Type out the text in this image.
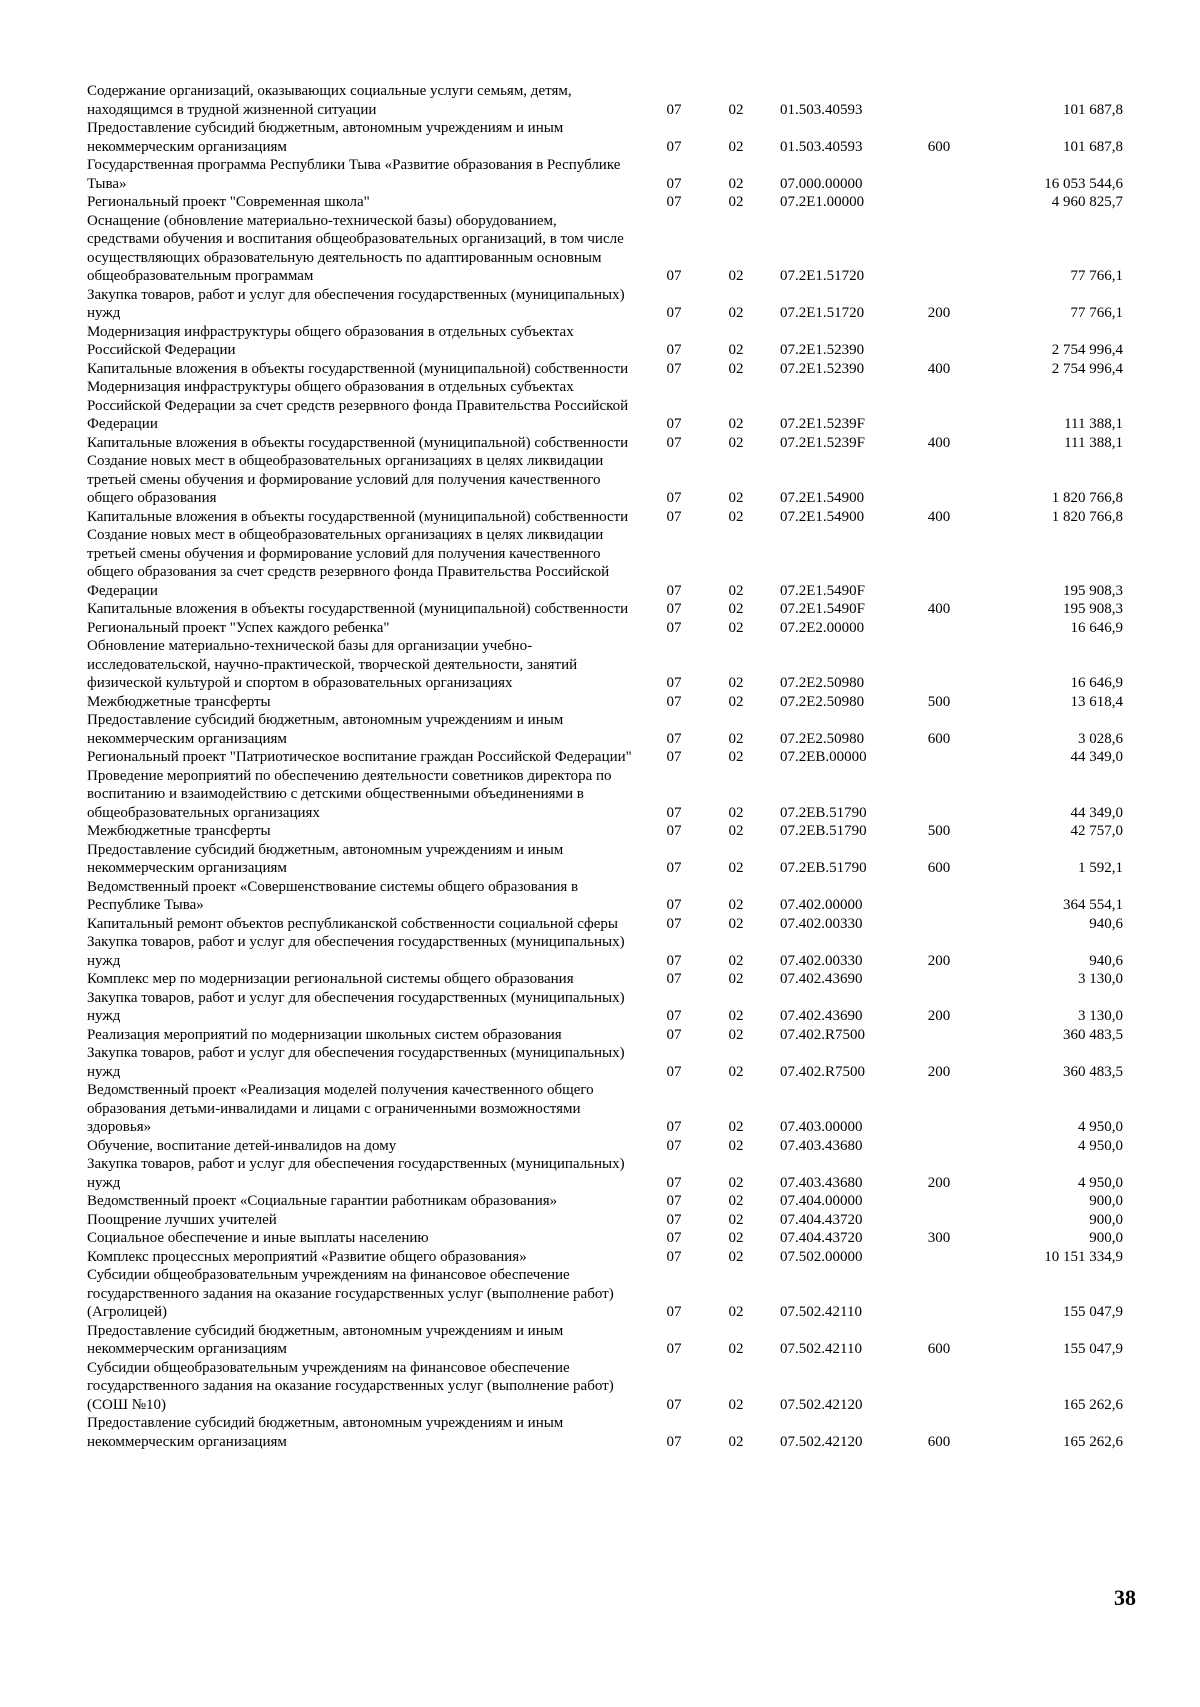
Содержание организаций, оказывающих социальные услуги семьям, детям, находящимся в трудной жизненной ситуации	07	02	01.503.40593		101 687,8
Предоставление субсидий бюджетным, автономным учреждениям и иным некоммерческим организациям	07	02	01.503.40593	600	101 687,8
Государственная программа Республики Тыва «Развитие образования в Республике Тыва»	07	02	07.000.00000		16 053 544,6
Региональный проект "Современная школа"	07	02	07.2E1.00000		4 960 825,7
Оснащение (обновление материально-технической базы) оборудованием, средствами обучения и воспитания общеобразовательных организаций, в том числе осуществляющих образовательную деятельность по адаптированным основным общеобразовательным программам	07	02	07.2E1.51720		77 766,1
Закупка товаров, работ и услуг для обеспечения государственных (муниципальных) нужд	07	02	07.2E1.51720	200	77 766,1
Модернизация инфраструктуры общего образования в отдельных субъектах Российской Федерации	07	02	07.2E1.52390		2 754 996,4
Капитальные вложения в объекты государственной (муниципальной) собственности	07	02	07.2E1.52390	400	2 754 996,4
Модернизация инфраструктуры общего образования в отдельных субъектах Российской Федерации за счет средств резервного фонда Правительства Российской Федерации	07	02	07.2E1.5239F		111 388,1
Капитальные вложения в объекты государственной (муниципальной) собственности	07	02	07.2E1.5239F	400	111 388,1
Создание новых мест в общеобразовательных организациях в целях ликвидации третьей смены обучения и формирование условий для получения качественного общего образования	07	02	07.2E1.54900		1 820 766,8
Капитальные вложения в объекты государственной (муниципальной) собственности	07	02	07.2E1.54900	400	1 820 766,8
Создание новых мест в общеобразовательных организациях в целях ликвидации третьей смены обучения и формирование условий для получения качественного общего образования за счет средств резервного фонда Правительства Российской Федерации	07	02	07.2E1.5490F		195 908,3
Капитальные вложения в объекты государственной (муниципальной) собственности	07	02	07.2E1.5490F	400	195 908,3
Региональный проект "Успех каждого ребенка"	07	02	07.2E2.00000		16 646,9
Обновление материально-технической базы для организации учебно-исследовательской, научно-практической, творческой деятельности, занятий физической культурой и спортом в образовательных организациях	07	02	07.2E2.50980		16 646,9
Межбюджетные трансферты	07	02	07.2E2.50980	500	13 618,4
Предоставление субсидий бюджетным, автономным учреждениям и иным некоммерческим организациям	07	02	07.2E2.50980	600	3 028,6
Региональный проект "Патриотическое воспитание граждан Российской Федерации"	07	02	07.2EB.00000		44 349,0
Проведение мероприятий по обеспечению деятельности советников директора по воспитанию и взаимодействию с детскими общественными объединениями в общеобразовательных организациях	07	02	07.2EB.51790		44 349,0
Межбюджетные трансферты	07	02	07.2EB.51790	500	42 757,0
Предоставление субсидий бюджетным, автономным учреждениям и иным некоммерческим организациям	07	02	07.2EB.51790	600	1 592,1
Ведомственный проект «Совершенствование системы общего образования в Республике Тыва»	07	02	07.402.00000		364 554,1
Капитальный ремонт объектов республиканской собственности социальной сферы	07	02	07.402.00330		940,6
Закупка товаров, работ и услуг для обеспечения государственных (муниципальных) нужд	07	02	07.402.00330	200	940,6
Комплекс мер по модернизации региональной системы общего образования	07	02	07.402.43690		3 130,0
Закупка товаров, работ и услуг для обеспечения государственных (муниципальных) нужд	07	02	07.402.43690	200	3 130,0
Реализация мероприятий по модернизации школьных систем образования	07	02	07.402.R7500		360 483,5
Закупка товаров, работ и услуг для обеспечения государственных (муниципальных) нужд	07	02	07.402.R7500	200	360 483,5
Ведомственный проект «Реализация моделей получения качественного общего образования детьми-инвалидами и лицами с ограниченными возможностями здоровья»	07	02	07.403.00000		4 950,0
Обучение, воспитание детей-инвалидов на дому	07	02	07.403.43680		4 950,0
Закупка товаров, работ и услуг для обеспечения государственных (муниципальных) нужд	07	02	07.403.43680	200	4 950,0
Ведомственный проект «Социальные гарантии работникам образования»	07	02	07.404.00000		900,0
Поощрение лучших учителей	07	02	07.404.43720		900,0
Социальное обеспечение и иные выплаты населению	07	02	07.404.43720	300	900,0
Комплекс процессных мероприятий «Развитие общего образования»	07	02	07.502.00000		10 151 334,9
Субсидии общеобразовательным учреждениям на финансовое обеспечение государственного задания на оказание государственных услуг (выполнение работ) (Агролицей)	07	02	07.502.42110		155 047,9
Предоставление субсидий бюджетным, автономным учреждениям и иным некоммерческим организациям	07	02	07.502.42110	600	155 047,9
Субсидии общеобразовательным учреждениям на финансовое обеспечение государственного задания на оказание государственных услуг (выполнение работ) (СОШ №10)	07	02	07.502.42120		165 262,6
Предоставление субсидий бюджетным, автономным учреждениям и иным некоммерческим организациям	07	02	07.502.42120	600	165 262,6
38
